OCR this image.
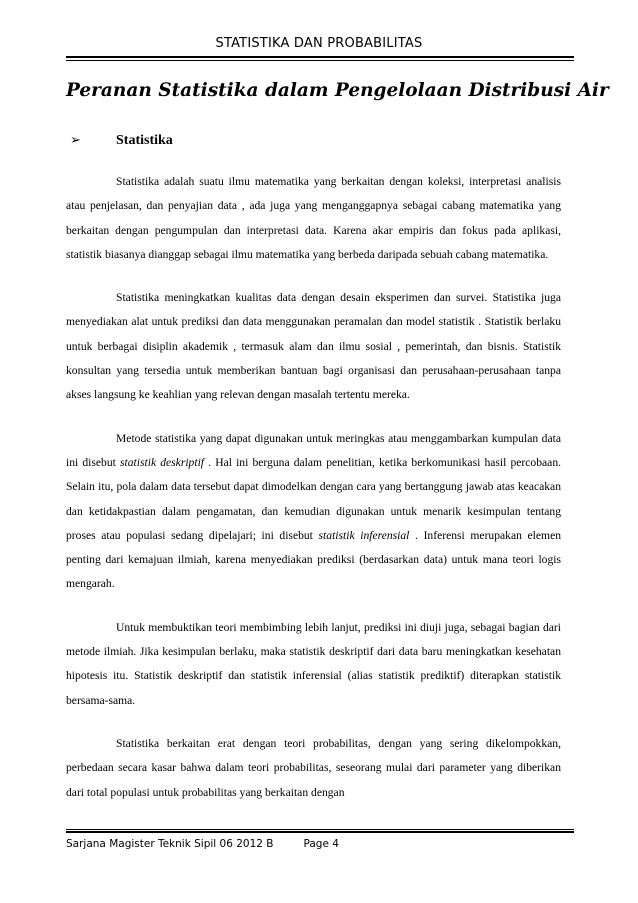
STATISTIKA DAN PROBABILITAS
Peranan Statistika dalam Pengelolaan Distribusi Air
➢	Statistika

Statistika adalah suatu ilmu matematika yang berkaitan dengan koleksi, interpretasi analisis atau penjelasan, dan penyajian data , ada juga yang menganggapnya sebagai cabang matematika yang berkaitan dengan pengumpulan dan interpretasi data. Karena akar empiris dan fokus pada aplikasi, statistik biasanya dianggap sebagai ilmu matematika yang berbeda daripada sebuah cabang matematika.

Statistika meningkatkan kualitas data dengan desain eksperimen dan survei. Statistika juga menyediakan alat untuk prediksi dan data menggunakan peramalan dan model statistik . Statistik berlaku untuk berbagai disiplin akademik , termasuk alam dan ilmu sosial , pemerintah, dan bisnis. Statistik konsultan yang tersedia untuk memberikan bantuan bagi organisasi dan perusahaan-perusahaan tanpa akses langsung ke keahlian yang relevan dengan masalah tertentu mereka.

Metode statistika yang dapat digunakan untuk meringkas atau menggambarkan kumpulan data ini disebut statistik deskriptif . Hal ini berguna dalam penelitian, ketika berkomunikasi hasil percobaan. Selain itu, pola dalam data tersebut dapat dimodelkan dengan cara yang bertanggung jawab atas keacakan dan ketidakpastian dalam pengamatan, dan kemudian digunakan untuk menarik kesimpulan tentang proses atau populasi sedang dipelajari; ini disebut statistik inferensial . Inferensi merupakan elemen penting dari kemajuan ilmiah, karena menyediakan prediksi (berdasarkan data) untuk mana teori logis mengarah.

Untuk membuktikan teori membimbing lebih lanjut, prediksi ini diuji juga, sebagai bagian dari metode ilmiah. Jika kesimpulan berlaku, maka statistik deskriptif dari data baru meningkatkan kesehatan hipotesis itu. Statistik deskriptif dan statistik inferensial (alias statistik prediktif) diterapkan statistik bersama-sama.

Statistika berkaitan erat dengan teori probabilitas, dengan yang sering dikelompokkan, perbedaan secara kasar bahwa dalam teori probabilitas, seseorang mulai dari parameter yang diberikan dari total populasi untuk probabilitas yang berkaitan dengan

Sarjana Magister Teknik Sipil 06 2012 B	Page 4
